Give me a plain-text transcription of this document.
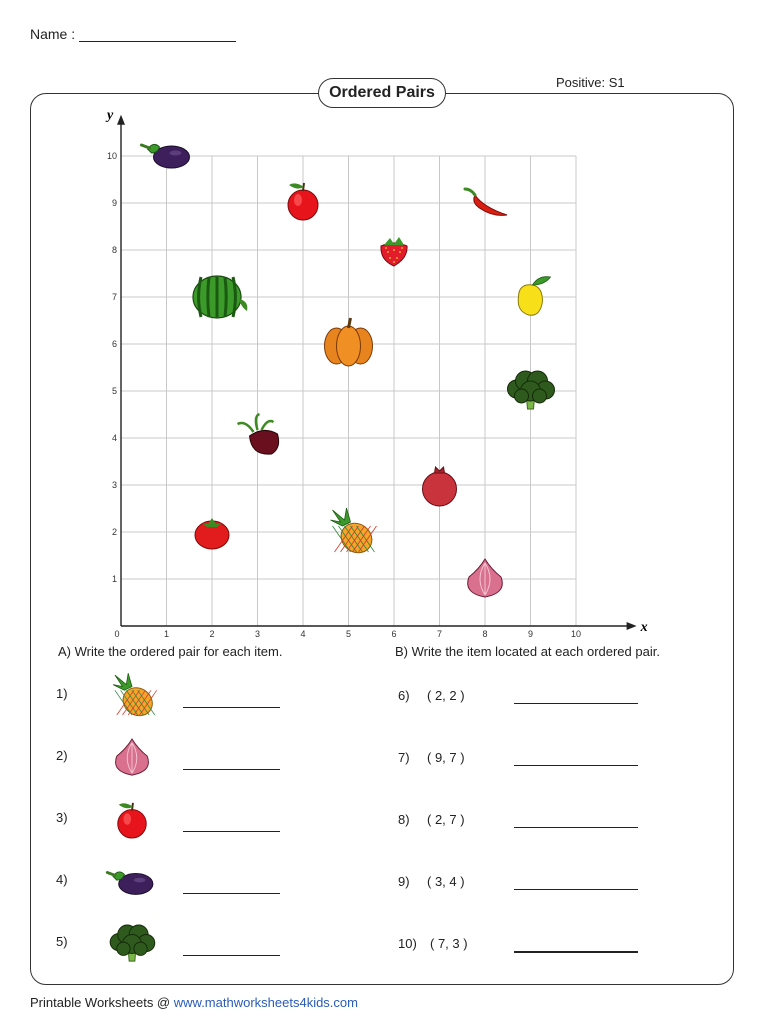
Name :
Ordered Pairs
Positive: S1
x
y
0	1	2	3	4	5	6	7	8	9	10
1
2
3
4
5
6
7
8
9
10
A) Write the ordered pair for each item.	B) Write the item located at each ordered pair.
1)
2)
3)
4)
5)
6) ( 2, 2 )
7) ( 9, 7 )
8) ( 2, 7 )
9) ( 3, 4 )
10) ( 7, 3 )
Printable Worksheets @ www.mathworksheets4kids.com
